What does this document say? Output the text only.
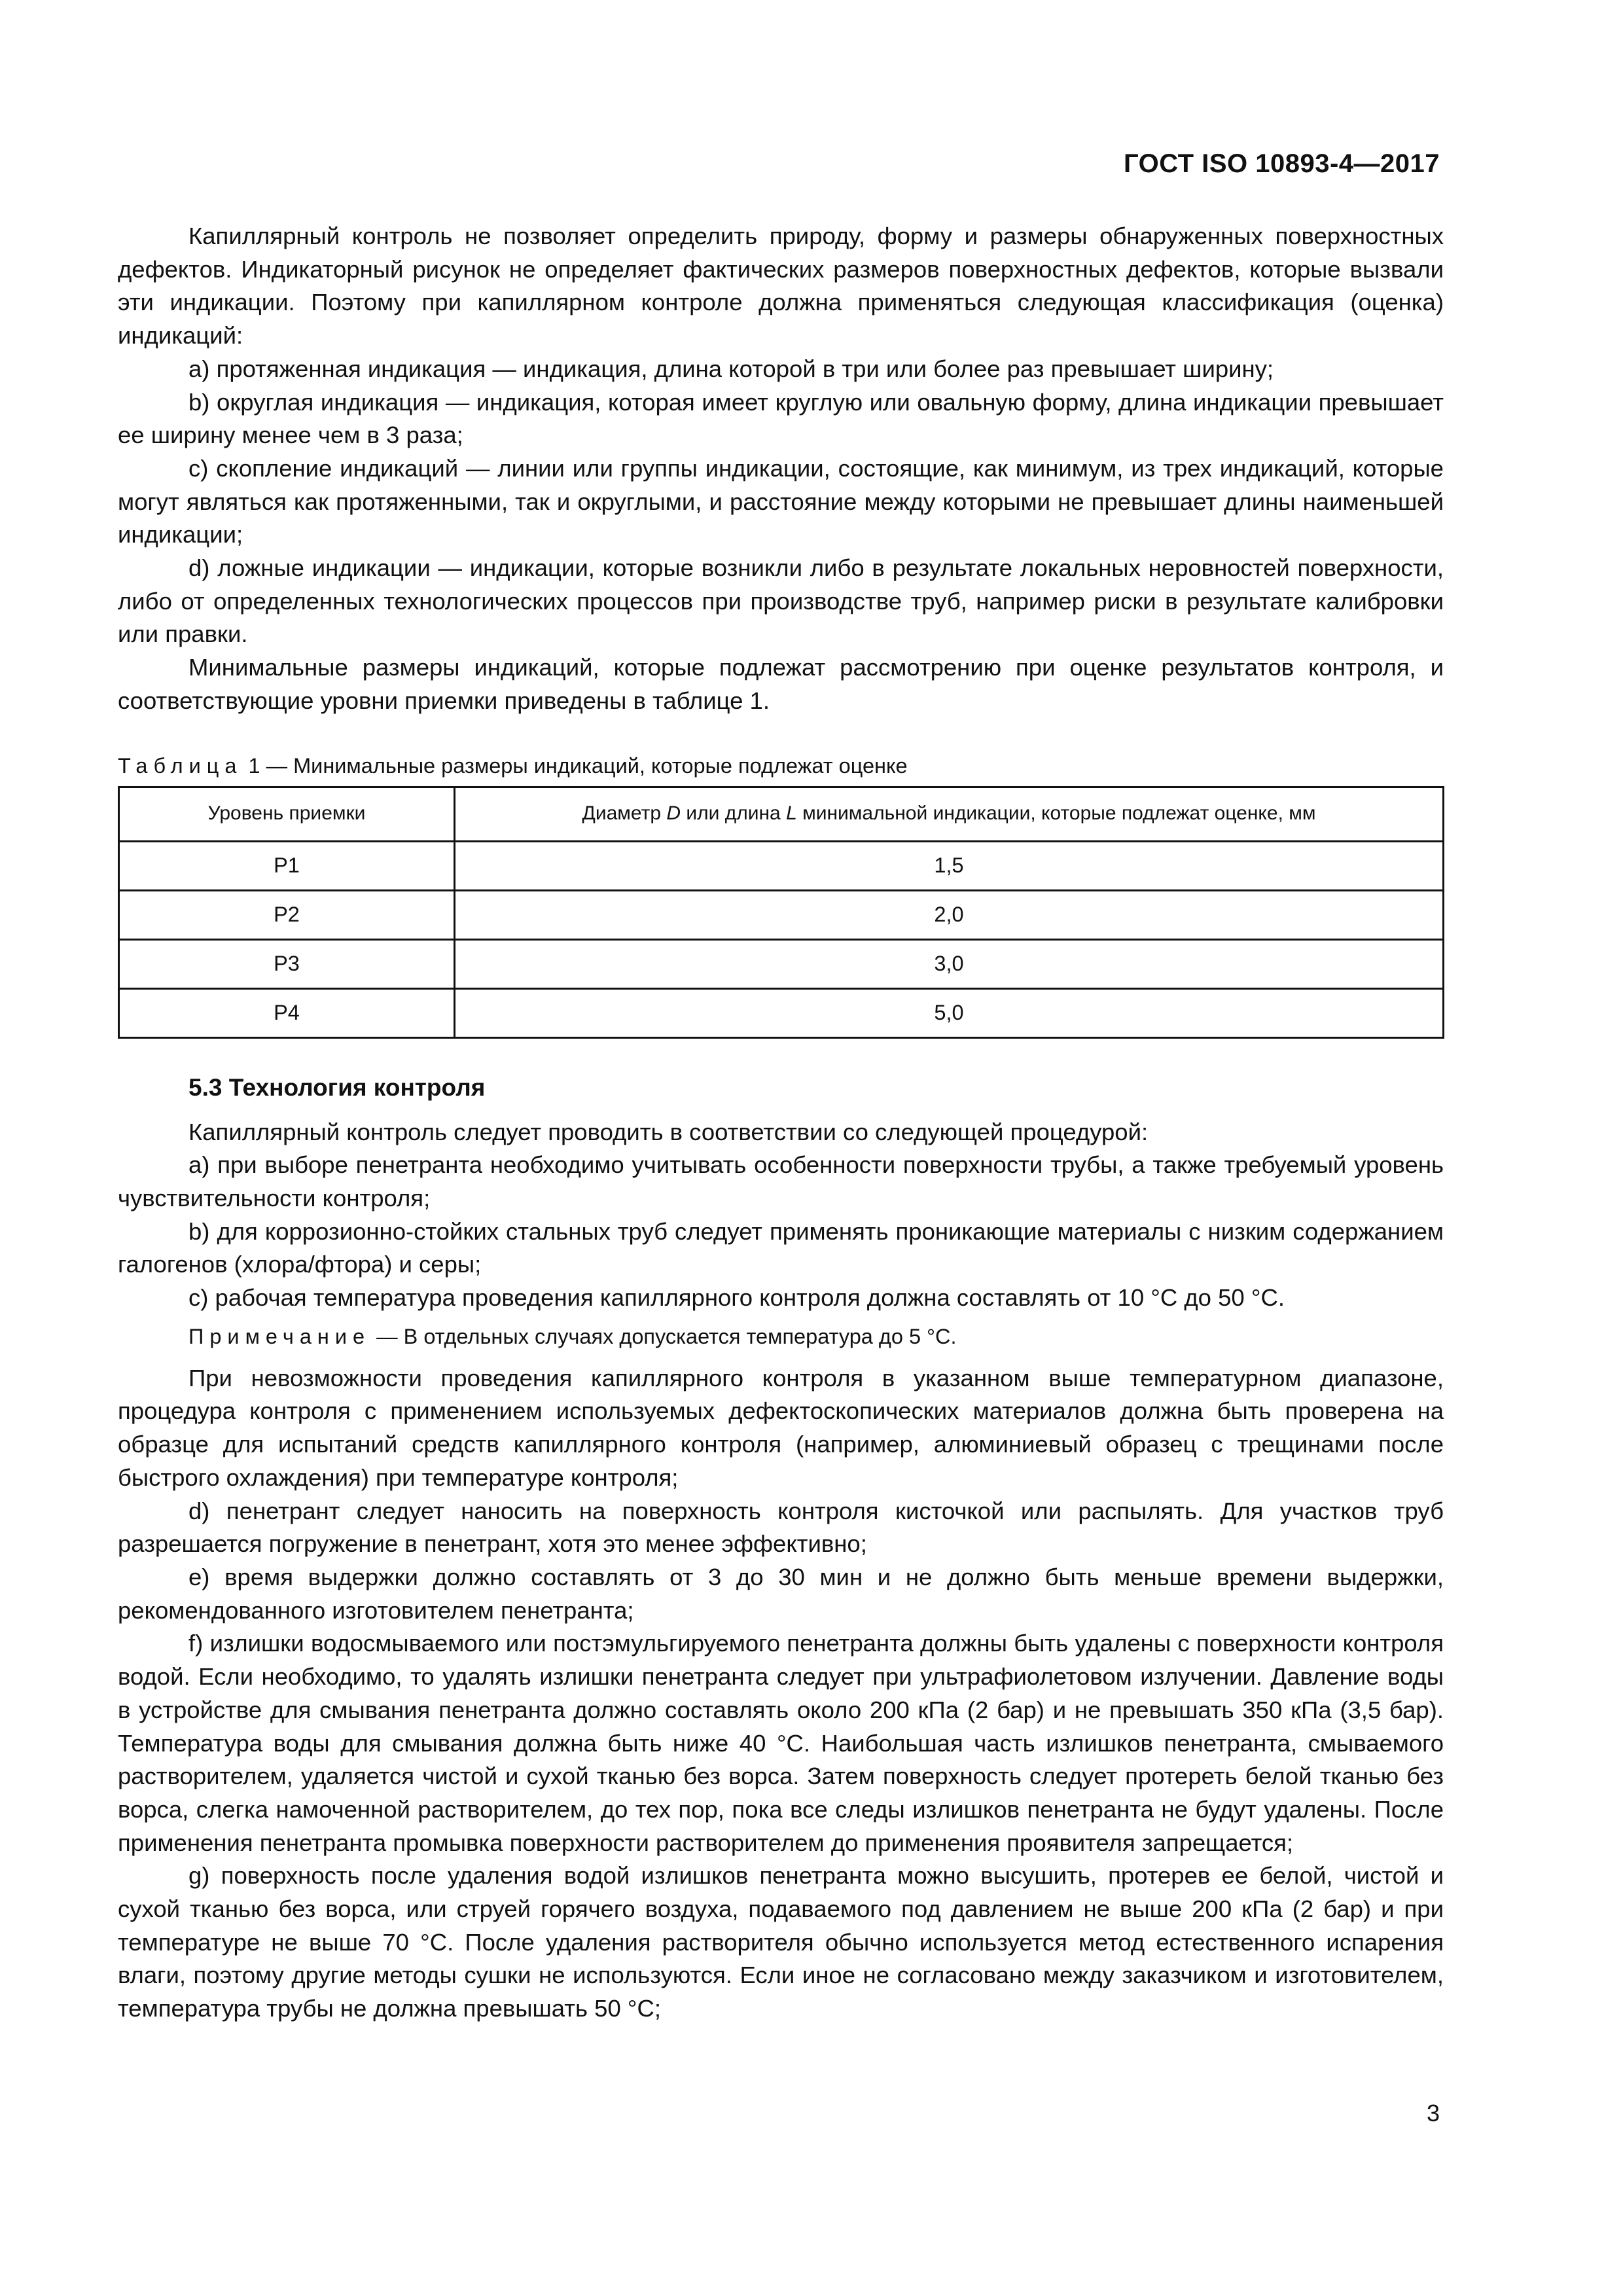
ГОСТ ISO 10893-4—2017

Капиллярный контроль не позволяет определить природу, форму и размеры обнаруженных поверхностных дефектов. Индикаторный рисунок не определяет фактических размеров поверхностных дефектов, которые вызвали эти индикации. Поэтому при капиллярном контроле должна применяться следующая классификация (оценка) индикаций:

а) протяженная индикация — индикация, длина которой в три или более раз превышает ширину;

b) округлая индикация — индикация, которая имеет круглую или овальную форму, длина индикации превышает ее ширину менее чем в 3 раза;

c) скопление индикаций — линии или группы индикации, состоящие, как минимум, из трех индикаций, которые могут являться как протяженными, так и округлыми, и расстояние между которыми не превышает длины наименьшей индикации;

d) ложные индикации — индикации, которые возникли либо в результате локальных неровностей поверхности, либо от определенных технологических процессов при производстве труб, например риски в результате калибровки или правки.

Минимальные размеры индикаций, которые подлежат рассмотрению при оценке результатов контроля, и соответствующие уровни приемки приведены в таблице 1.

Таблица 1 — Минимальные размеры индикаций, которые подлежат оценке
Уровень приемки	Диаметр D или длина L минимальной индикации, которые подлежат оценке, мм
P1	1,5
P2	2,0
P3	3,0
P4	5,0
5.3 Технология контроля

Капиллярный контроль следует проводить в соответствии со следующей процедурой:

а) при выборе пенетранта необходимо учитывать особенности поверхности трубы, а также требуемый уровень чувствительности контроля;

b) для коррозионно-стойких стальных труб следует применять проникающие материалы с низким содержанием галогенов (хлора/фтора) и серы;

c) рабочая температура проведения капиллярного контроля должна составлять от 10 °С до 50 °С.

Примечание — В отдельных случаях допускается температура до 5 °С.

При невозможности проведения капиллярного контроля в указанном выше температурном диапазоне, процедура контроля с применением используемых дефектоскопических материалов должна быть проверена на образце для испытаний средств капиллярного контроля (например, алюминиевый образец с трещинами после быстрого охлаждения) при температуре контроля;

d) пенетрант следует наносить на поверхность контроля кисточкой или распылять. Для участков труб разрешается погружение в пенетрант, хотя это менее эффективно;

е) время выдержки должно составлять от 3 до 30 мин и не должно быть меньше времени выдержки, рекомендованного изготовителем пенетранта;

f) излишки водосмываемого или постэмульгируемого пенетранта должны быть удалены с поверхности контроля водой. Если необходимо, то удалять излишки пенетранта следует при ультрафиолетовом излучении. Давление воды в устройстве для смывания пенетранта должно составлять около 200 кПа (2 бар) и не превышать 350 кПа (3,5 бар). Температура воды для смывания должна быть ниже 40 °С. Наибольшая часть излишков пенетранта, смываемого растворителем, удаляется чистой и сухой тканью без ворса. Затем поверхность следует протереть белой тканью без ворса, слегка намоченной растворителем, до тех пор, пока все следы излишков пенетранта не будут удалены. После применения пенетранта промывка поверхности растворителем до применения проявителя запрещается;

g) поверхность после удаления водой излишков пенетранта можно высушить, протерев ее белой, чистой и сухой тканью без ворса, или струей горячего воздуха, подаваемого под давлением не выше 200 кПа (2 бар) и при температуре не выше 70 °С. После удаления растворителя обычно используется метод естественного испарения влаги, поэтому другие методы сушки не используются. Если иное не согласовано между заказчиком и изготовителем, температура трубы не должна превышать 50 °С;

3
